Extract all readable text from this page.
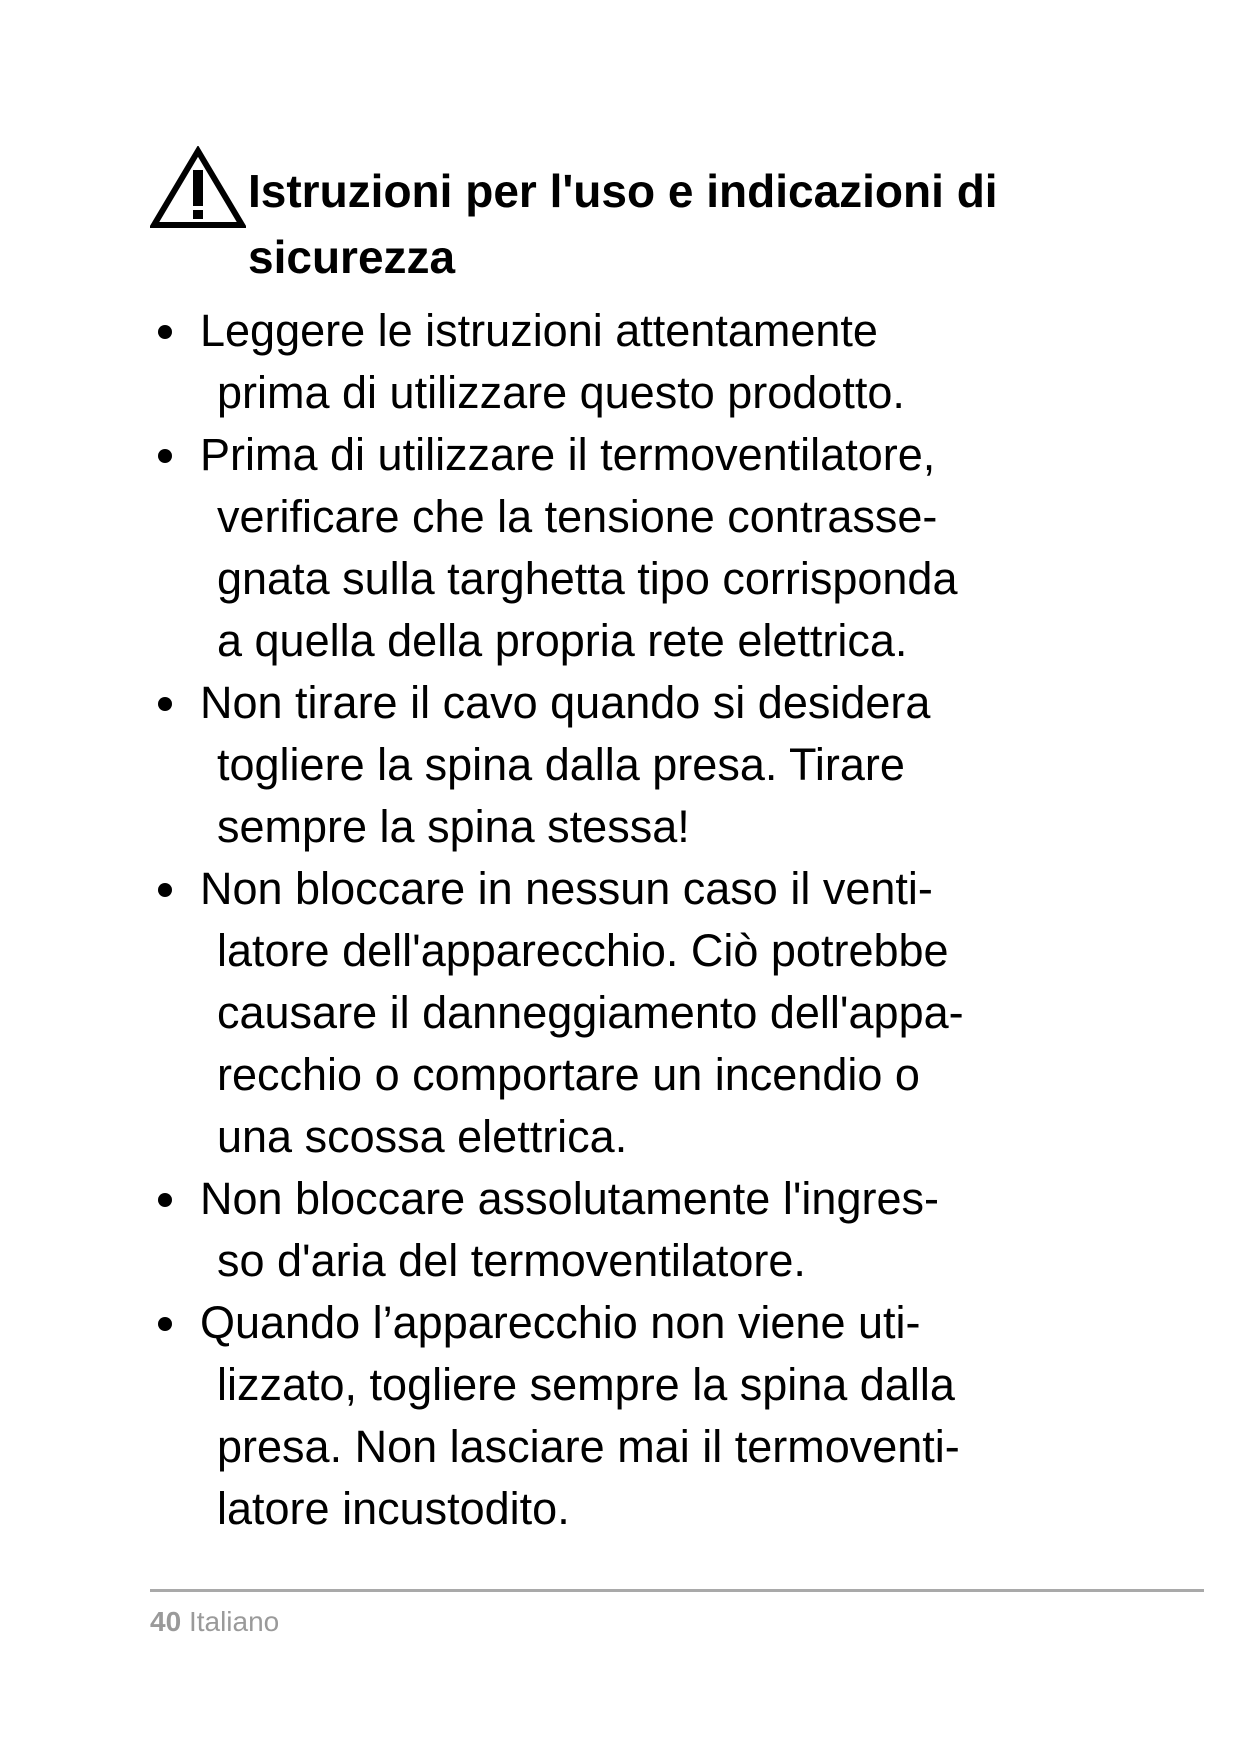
Istruzioni per l'uso e indicazioni di
sicurezza
Leggere le istruzioni attentamente
prima di utilizzare questo prodotto.
Prima di utilizzare il termoventilatore,
verificare che la tensione contrasse-
gnata sulla targhetta tipo corrisponda
a quella della propria rete elettrica.
Non tirare il cavo quando si desidera
togliere la spina dalla presa. Tirare
sempre la spina stessa!
Non bloccare in nessun caso il venti-
latore dell'apparecchio. Ciò potrebbe
causare il danneggiamento dell'appa-
recchio o comportare un incendio o
una scossa elettrica.
Non bloccare assolutamente l'ingres-
so d'aria del termoventilatore.
Quando l’apparecchio non viene uti-
lizzato, togliere sempre la spina dalla
presa. Non lasciare mai il termoventi-
latore incustodito.
40 Italiano
